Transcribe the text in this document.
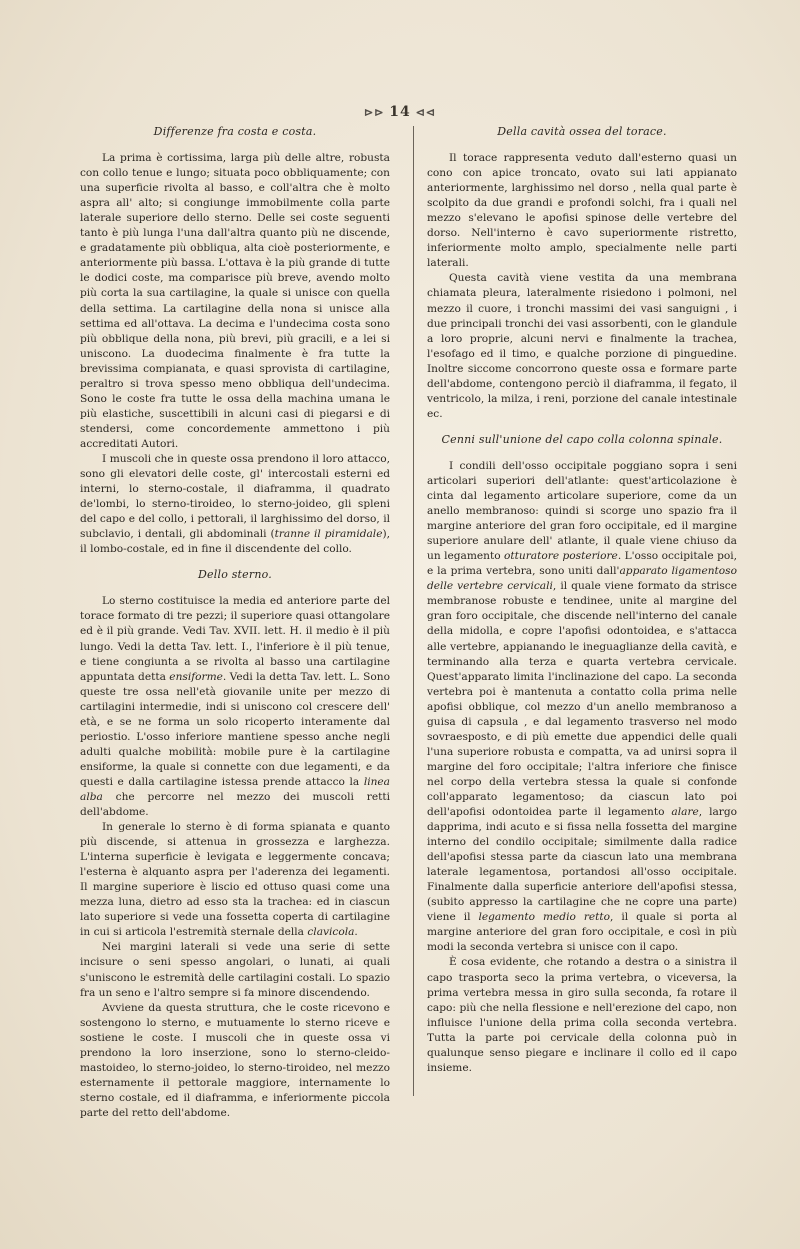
⊳⊳ 14 ⊲⊲
Differenze fra costa e costa.

La prima è cortissima, larga più delle altre, robusta con collo tenue e lungo; situata poco obbliquamente; con una superficie rivolta al basso, e coll'altra che è molto aspra all' alto; si congiunge immobilmente colla parte laterale superiore dello sterno. Delle sei coste seguenti tanto è più lunga l'una dall'altra quanto più ne discende, e gradatamente più obbliqua, alta cioè posteriormente, e anteriormente più bassa. L'ottava è la più grande di tutte le dodici coste, ma comparisce più breve, avendo molto più corta la sua cartilagine, la quale si unisce con quella della settima. La cartilagine della nona si unisce alla settima ed all'ottava. La decima e l'undecima costa sono più obblique della nona, più brevi, più gracili, e a lei si uniscono. La duodecima finalmente è fra tutte la brevissima compianata, e quasi sprovista di cartilagine, peraltro si trova spesso meno obbliqua dell'undecima. Sono le coste fra tutte le ossa della machina umana le più elastiche, suscettibili in alcuni casi di piegarsi e di stendersi, come concordemente ammettono i più accreditati Autori.

I muscoli che in queste ossa prendono il loro attacco, sono gli elevatori delle coste, gl' intercostali esterni ed interni, lo sterno-costale, il diaframma, il quadrato de'lombi, lo sterno-tiroideo, lo sterno-joideo, gli spleni del capo e del collo, i pettorali, il larghissimo del dorso, il subclavio, i dentali, gli abdominali (tranne il piramidale), il lombo-costale, ed in fine il discendente del collo.

Dello sterno.

Lo sterno costituisce la media ed anteriore parte del torace formato di tre pezzi; il superiore quasi ottangolare ed è il più grande. Vedi Tav. XVII. lett. H. il medio è il più lungo. Vedi la detta Tav. lett. I., l'inferiore è il più tenue, e tiene congiunta a se rivolta al basso una cartilagine appuntata detta ensiforme. Vedi la detta Tav. lett. L. Sono queste tre ossa nell'età giovanile unite per mezzo di cartilagini intermedie, indi si uniscono col crescere dell' età, e se ne forma un solo ricoperto interamente dal periostio. L'osso inferiore mantiene spesso anche negli adulti qualche mobilità: mobile pure è la cartilagine ensiforme, la quale si connette con due legamenti, e da questi e dalla cartilagine istessa prende attacco la linea alba che percorre nel mezzo dei muscoli retti dell'abdome.

In generale lo sterno è di forma spianata e quanto più discende, si attenua in grossezza e larghezza. L'interna superficie è levigata e leggermente concava; l'esterna è alquanto aspra per l'aderenza dei legamenti. Il margine superiore è liscio ed ottuso quasi come una mezza luna, dietro ad esso sta la trachea: ed in ciascun lato superiore si vede una fossetta coperta di cartilagine in cui si articola l'estremità sternale della clavicola.

Nei margini laterali si vede una serie di sette incisure o seni spesso angolari, o lunati, ai quali s'uniscono le estremità delle cartilagini costali. Lo spazio fra un seno e l'altro sempre si fa minore discendendo.

Avviene da questa struttura, che le coste ricevono e sostengono lo sterno, e mutuamente lo sterno riceve e sostiene le coste. I muscoli che in queste ossa vi prendono la loro inserzione, sono lo sterno-cleido-mastoideo, lo sterno-joideo, lo sterno-tiroideo, nel mezzo esternamente il pettorale maggiore, internamente lo sterno costale, ed il diaframma, e inferiormente piccola parte del retto dell'abdome.

Della cavità ossea del torace.

Il torace rappresenta veduto dall'esterno quasi un cono con apice troncato, ovato sui lati appianato anteriormente, larghissimo nel dorso , nella qual parte è scolpito da due grandi e profondi solchi, fra i quali nel mezzo s'elevano le apofisi spinose delle vertebre del dorso. Nell'interno è cavo superiormente ristretto, inferiormente molto amplo, specialmente nelle parti laterali.

Questa cavità viene vestita da una membrana chiamata pleura, lateralmente risiedono i polmoni, nel mezzo il cuore, i tronchi massimi dei vasi sanguigni , i due principali tronchi dei vasi assorbenti, con le glandule a loro proprie, alcuni nervi e finalmente la trachea, l'esofago ed il timo, e qualche porzione di pinguedine. Inoltre siccome concorrono queste ossa e formare parte dell'abdome, contengono perciò il diaframma, il fegato, il ventricolo, la milza, i reni, porzione del canale intestinale ec.

Cenni sull'unione del capo colla colonna spinale.

I condili dell'osso occipitale poggiano sopra i seni articolari superiori dell'atlante: quest'articolazione è cinta dal legamento articolare superiore, come da un anello membranoso: quindi si scorge uno spazio fra il margine anteriore del gran foro occipitale, ed il margine superiore anulare dell' atlante, il quale viene chiuso da un legamento otturatore posteriore. L'osso occipitale poi, e la prima vertebra, sono uniti dall'apparato ligamentoso delle vertebre cervicali, il quale viene formato da strisce membranose robuste e tendinee, unite al margine del gran foro occipitale, che discende nell'interno del canale della midolla, e copre l'apofisi odontoidea, e s'attacca alle vertebre, appianando le ineguaglianze della cavità, e terminando alla terza e quarta vertebra cervicale. Quest'apparato limita l'inclinazione del capo. La seconda vertebra poi è mantenuta a contatto colla prima nelle apofisi obblique, col mezzo d'un anello membranoso a guisa di capsula , e dal legamento trasverso nel modo sovraesposto, e di più emette due appendici delle quali l'una superiore robusta e compatta, va ad unirsi sopra il margine del foro occipitale; l'altra inferiore che finisce nel corpo della vertebra stessa la quale si confonde coll'apparato legamentoso; da ciascun lato poi dell'apofisi odontoidea parte il legamento alare, largo dapprima, indi acuto e si fissa nella fossetta del margine interno del condilo occipitale; similmente dalla radice dell'apofisi stessa parte da ciascun lato una membrana laterale legamentosa, portandosi all'osso occipitale. Finalmente dalla superficie anteriore dell'apofisi stessa, (subito appresso la cartilagine che ne copre una parte) viene il legamento medio retto, il quale si porta al margine anteriore del gran foro occipitale, e così in più modi la seconda vertebra si unisce con il capo.

È cosa evidente, che rotando a destra o a sinistra il capo trasporta seco la prima vertebra, o viceversa, la prima vertebra messa in giro sulla seconda, fa rotare il capo: più che nella flessione e nell'erezione del capo, non influisce l'unione della prima colla seconda vertebra. Tutta la parte poi cervicale della colonna può in qualunque senso piegare e inclinare il collo ed il capo insieme.
